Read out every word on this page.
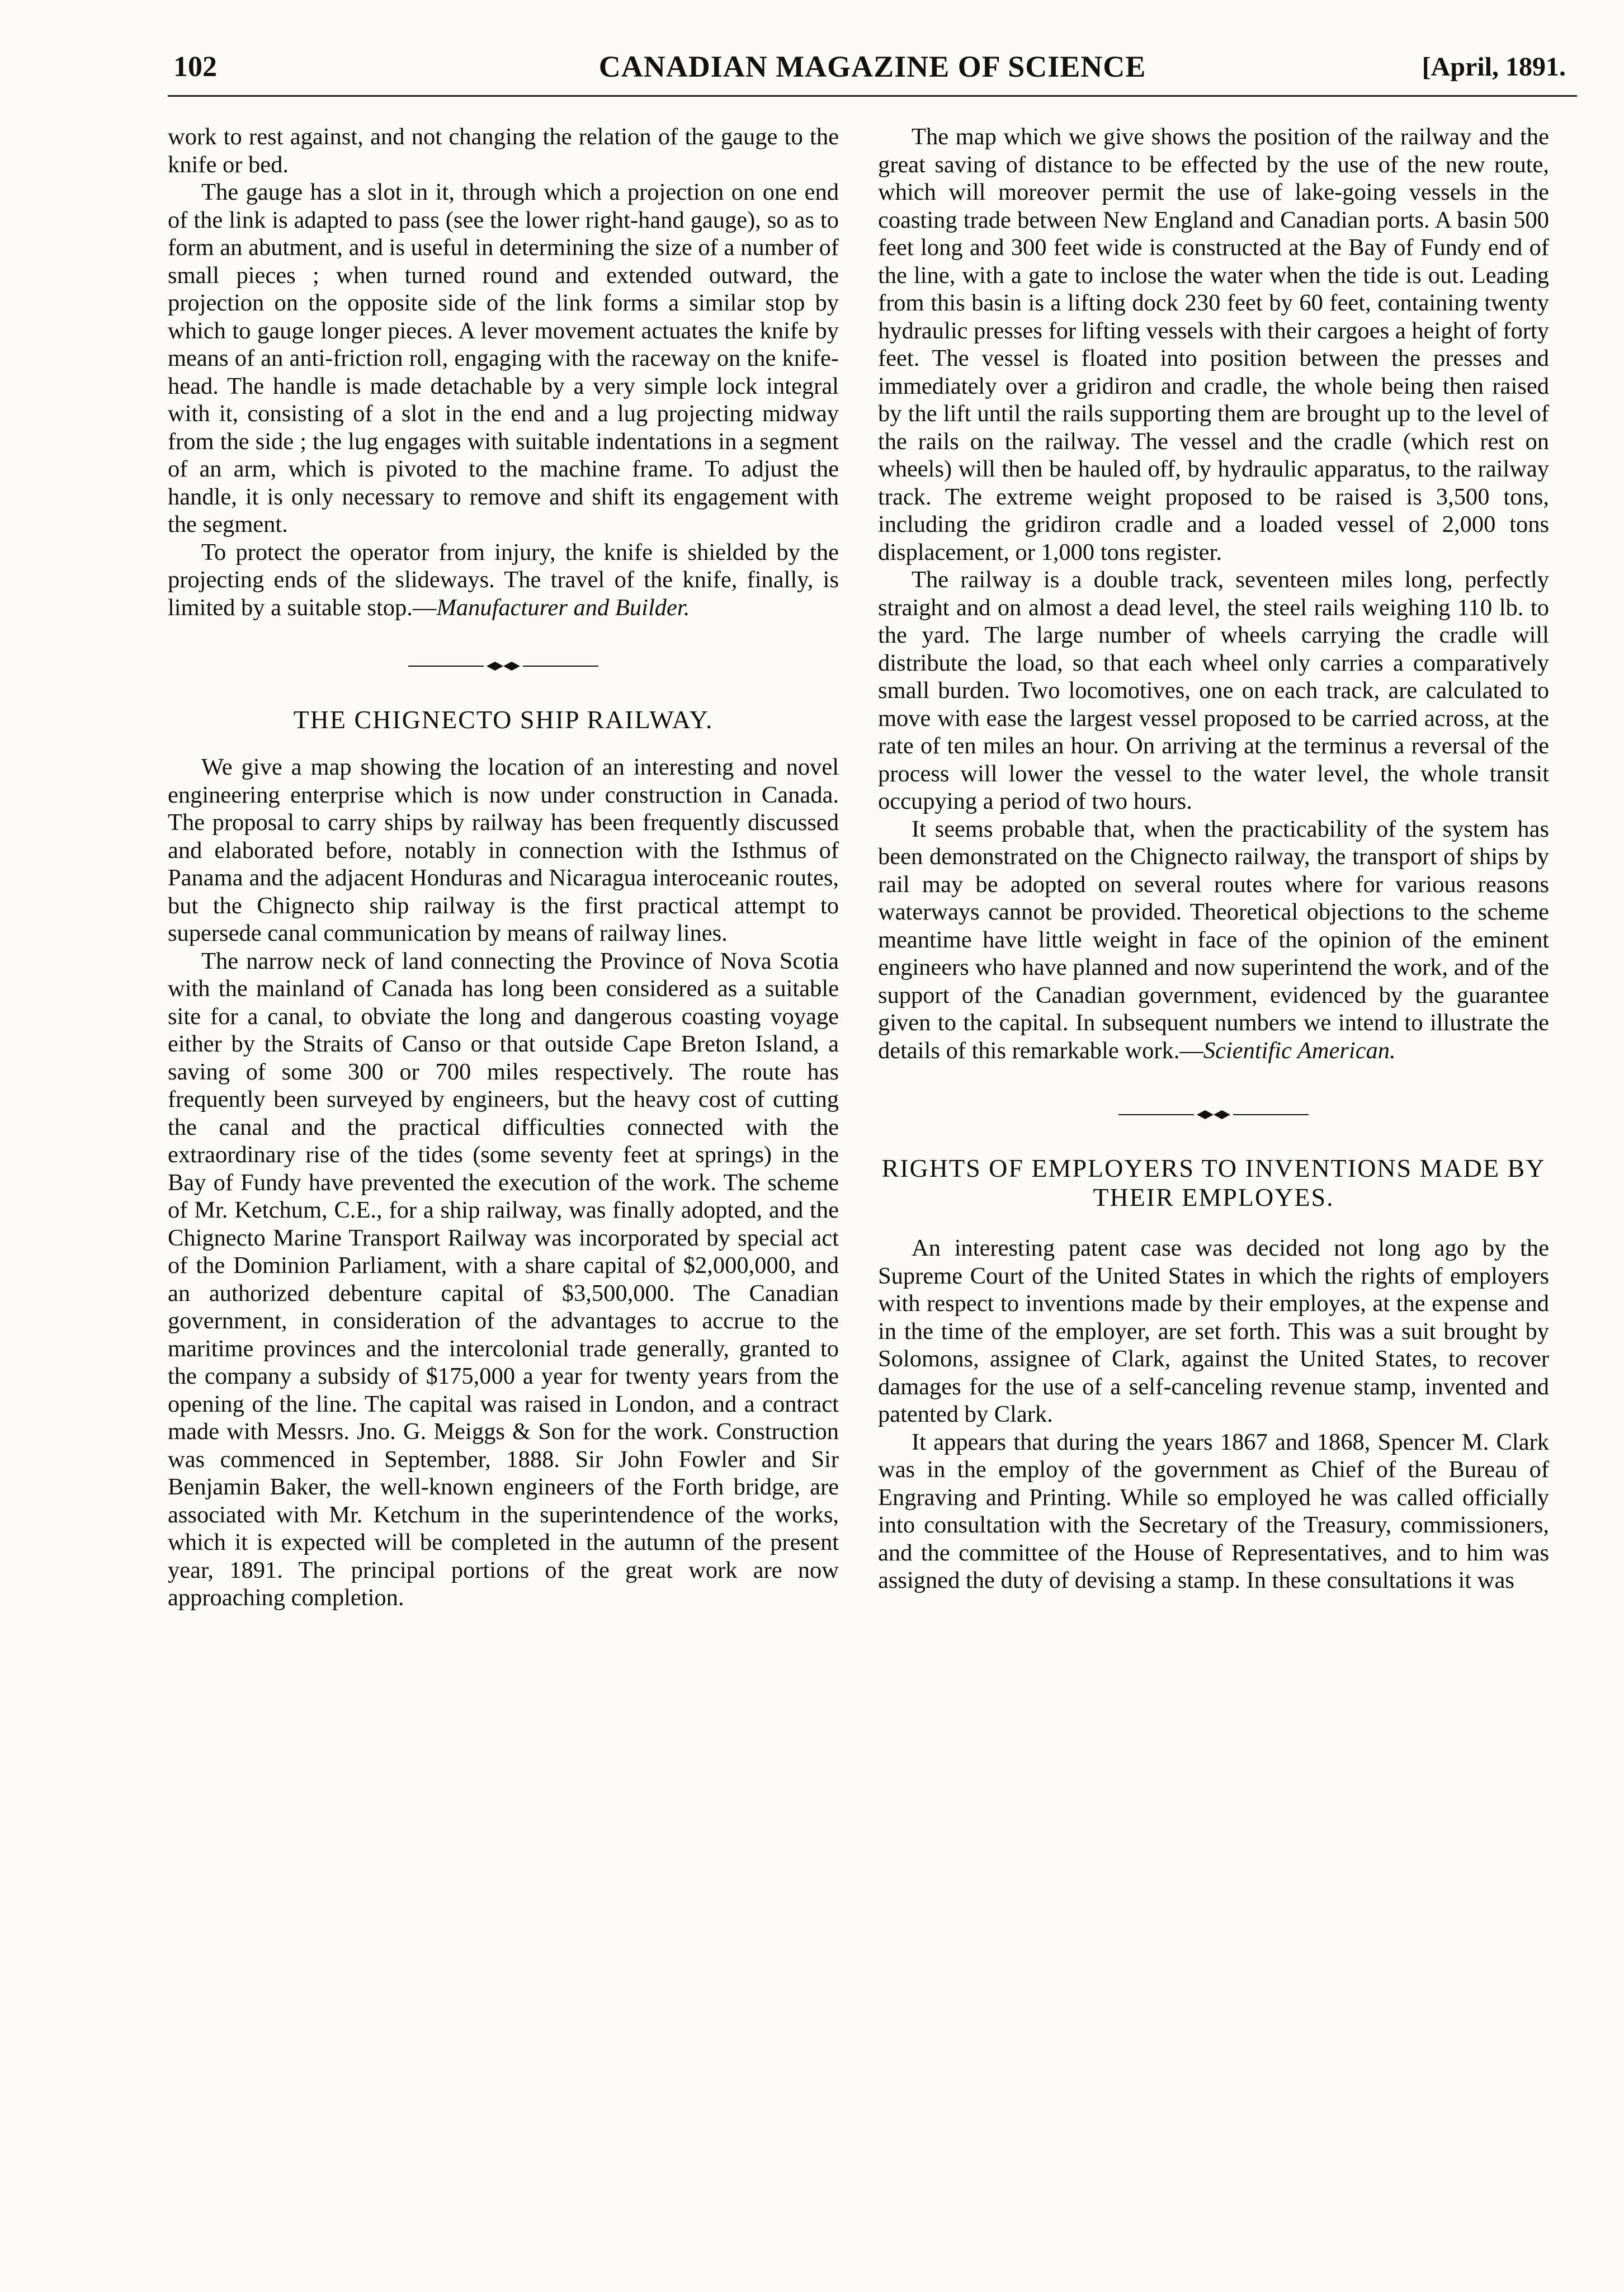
102	CANADIAN MAGAZINE OF SCIENCE	[April, 1891.

work to rest against, and not changing the relation of the gauge to the knife or bed.

The gauge has a slot in it, through which a projection on one end of the link is adapted to pass (see the lower right-hand gauge), so as to form an abutment, and is useful in determining the size of a number of small pieces ; when turned round and extended outward, the projection on the opposite side of the link forms a similar stop by which to gauge longer pieces. A lever movement actuates the knife by means of an anti-friction roll, engaging with the raceway on the knife-head. The handle is made detachable by a very simple lock integral with it, consisting of a slot in the end and a lug projecting midway from the side ; the lug engages with suitable indentations in a segment of an arm, which is pivoted to the machine frame. To adjust the handle, it is only necessary to remove and shift its engagement with the segment.

To protect the operator from injury, the knife is shielded by the projecting ends of the slideways. The travel of the knife, finally, is limited by a suitable stop.—Manufacturer and Builder.

THE CHIGNECTO SHIP RAILWAY.

We give a map showing the location of an interesting and novel engineering enterprise which is now under construction in Canada. The proposal to carry ships by railway has been frequently discussed and elaborated before, notably in connection with the Isthmus of Panama and the adjacent Honduras and Nicaragua interoceanic routes, but the Chignecto ship railway is the first practical attempt to supersede canal communication by means of railway lines.

The narrow neck of land connecting the Province of Nova Scotia with the mainland of Canada has long been considered as a suitable site for a canal, to obviate the long and dangerous coasting voyage either by the Straits of Canso or that outside Cape Breton Island, a saving of some 300 or 700 miles respectively. The route has frequently been surveyed by engineers, but the heavy cost of cutting the canal and the practical difficulties connected with the extraordinary rise of the tides (some seventy feet at springs) in the Bay of Fundy have prevented the execution of the work. The scheme of Mr. Ketchum, C.E., for a ship railway, was finally adopted, and the Chignecto Marine Transport Railway was incorporated by special act of the Dominion Parliament, with a share capital of $2,000,000, and an authorized debenture capital of $3,500,000. The Canadian government, in consideration of the advantages to accrue to the maritime provinces and the intercolonial trade generally, granted to the company a subsidy of $175,000 a year for twenty years from the opening of the line. The capital was raised in London, and a contract made with Messrs. Jno. G. Meiggs & Son for the work. Construction was commenced in September, 1888. Sir John Fowler and Sir Benjamin Baker, the well-known engineers of the Forth bridge, are associated with Mr. Ketchum in the superintendence of the works, which it is expected will be completed in the autumn of the present year, 1891. The principal portions of the great work are now approaching completion.

The map which we give shows the position of the railway and the great saving of distance to be effected by the use of the new route, which will moreover permit the use of lake-going vessels in the coasting trade between New England and Canadian ports. A basin 500 feet long and 300 feet wide is constructed at the Bay of Fundy end of the line, with a gate to inclose the water when the tide is out. Leading from this basin is a lifting dock 230 feet by 60 feet, containing twenty hydraulic presses for lifting vessels with their cargoes a height of forty feet. The vessel is floated into position between the presses and immediately over a gridiron and cradle, the whole being then raised by the lift until the rails supporting them are brought up to the level of the rails on the railway. The vessel and the cradle (which rest on wheels) will then be hauled off, by hydraulic apparatus, to the railway track. The extreme weight proposed to be raised is 3,500 tons, including the gridiron cradle and a loaded vessel of 2,000 tons displacement, or 1,000 tons register.

The railway is a double track, seventeen miles long, perfectly straight and on almost a dead level, the steel rails weighing 110 lb. to the yard. The large number of wheels carrying the cradle will distribute the load, so that each wheel only carries a comparatively small burden. Two locomotives, one on each track, are calculated to move with ease the largest vessel proposed to be carried across, at the rate of ten miles an hour. On arriving at the terminus a reversal of the process will lower the vessel to the water level, the whole transit occupying a period of two hours.

It seems probable that, when the practicability of the system has been demonstrated on the Chignecto railway, the transport of ships by rail may be adopted on several routes where for various reasons waterways cannot be provided. Theoretical objections to the scheme meantime have little weight in face of the opinion of the eminent engineers who have planned and now superintend the work, and of the support of the Canadian government, evidenced by the guarantee given to the capital. In subsequent numbers we intend to illustrate the details of this remarkable work.—Scientific American.

RIGHTS OF EMPLOYERS TO INVENTIONS MADE BY THEIR EMPLOYES.

An interesting patent case was decided not long ago by the Supreme Court of the United States in which the rights of employers with respect to inventions made by their employes, at the expense and in the time of the employer, are set forth. This was a suit brought by Solomons, assignee of Clark, against the United States, to recover damages for the use of a self-canceling revenue stamp, invented and patented by Clark.

It appears that during the years 1867 and 1868, Spencer M. Clark was in the employ of the government as Chief of the Bureau of Engraving and Printing. While so employed he was called officially into consultation with the Secretary of the Treasury, commissioners, and the committee of the House of Representatives, and to him was assigned the duty of devising a stamp. In these consultations it was
